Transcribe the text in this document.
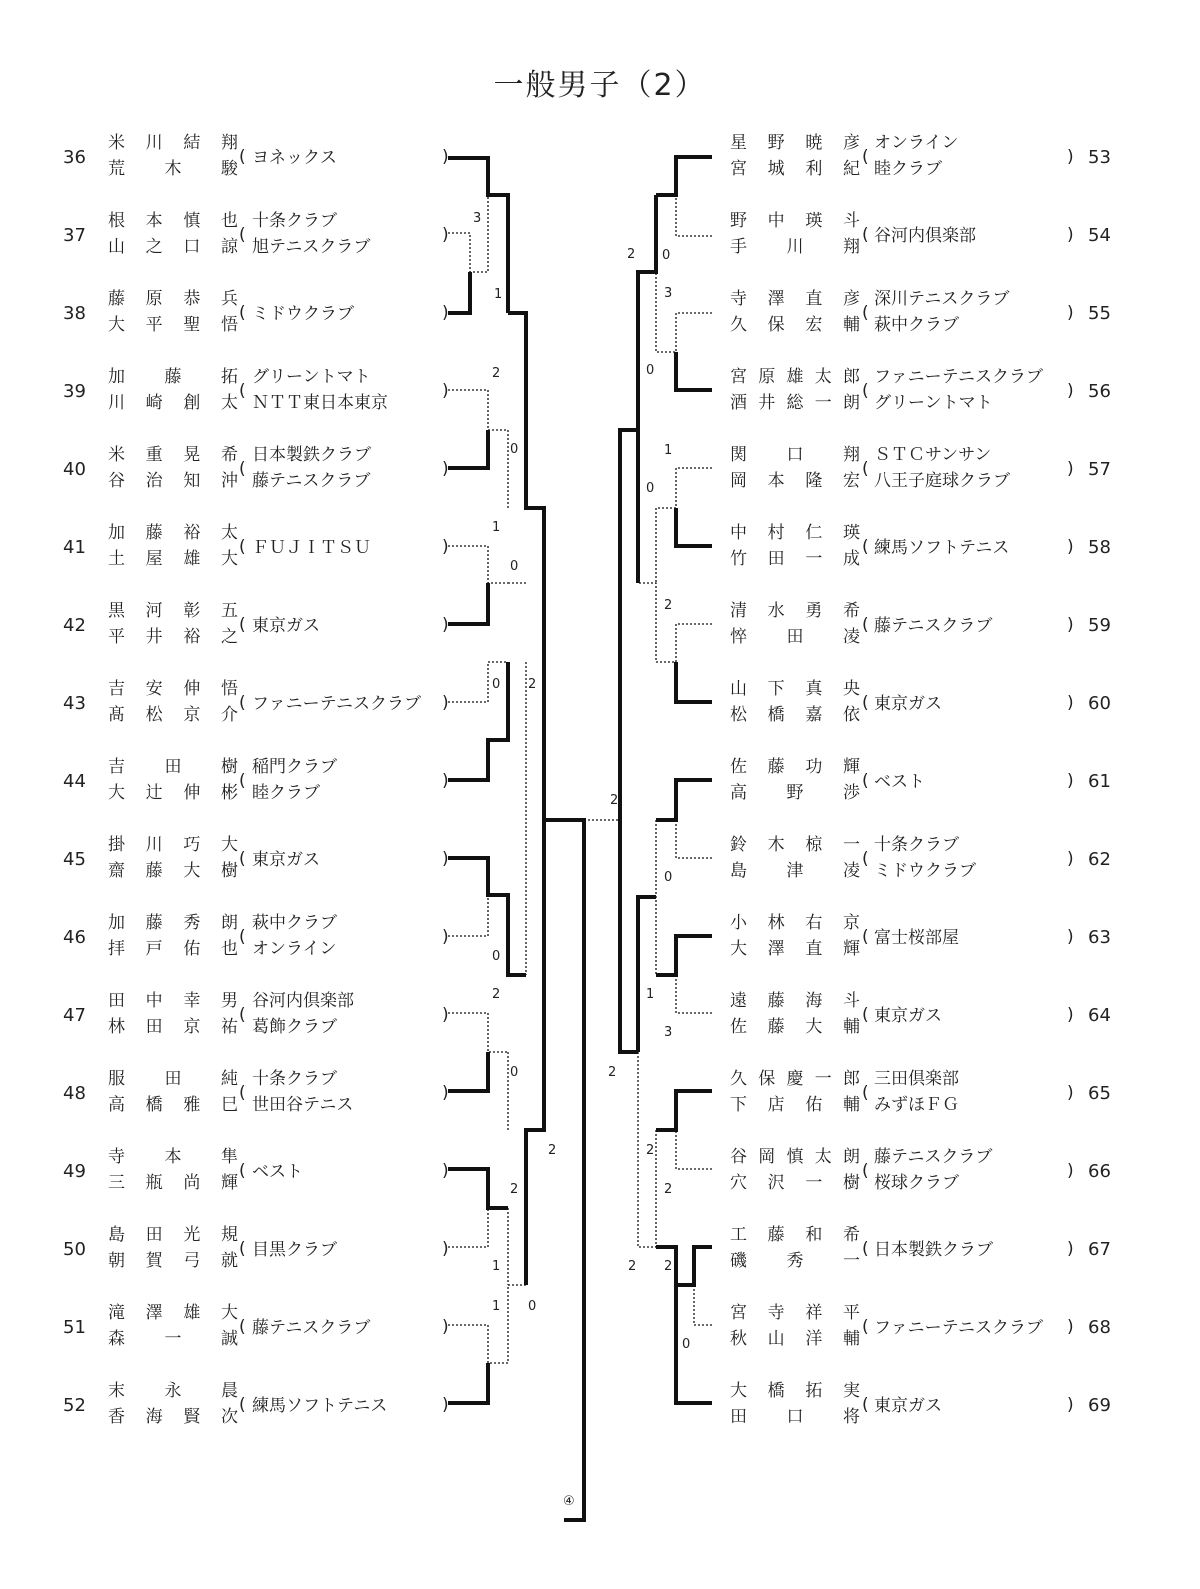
一般男子（2）
36
米 川 結 翔
荒 木 駿
( ヨネックス	)
37
根 本 慎 也
山 之 口 諒
(
十条クラブ
旭テニスクラブ
)
38
藤 原 恭 兵
大 平 聖 悟
( ミドウクラブ	)
39
加 藤 拓
川 崎 創 太
(
グリーントマト
ＮＴＴ東日本東京
)
40
米 重 晃 希
谷 治 知 沖
(
日本製鉄クラブ
藤テニスクラブ
)
41
加 藤 裕 太
土 屋 雄 大
( ＦＵＪＩＴＳＵ	)
42
黒 河 彰 五
平 井 裕 之
( 東京ガス	)
43
吉 安 伸 悟
髙 松 京 介
( ファニーテニスクラブ	)
44
吉 田 樹
大 辻 伸 彬
(
稲門クラブ
睦クラブ
)
45
掛 川 巧 大
齋 藤 大 樹
( 東京ガス	)
46
加 藤 秀 朗
拝 戸 佑 也
(
萩中クラブ
オンライン
)
47
田 中 幸 男
林 田 京 祐
(
谷河内倶楽部
葛飾クラブ
)
48
服 田 純
高 橋 雅 巳
(
十条クラブ
世田谷テニス
)
49
寺 本 隼
三 瓶 尚 輝
( ベスト	)
50
島 田 光 規
朝 賀 弓 就
( 目黒クラブ	)
51
滝 澤 雄 大
森 一 誠
( 藤テニスクラブ	)
52
末 永 晨
香 海 賢 次
( 練馬ソフトテニス	)
53
星 野 暁 彦
宮 城 利 紀
(
オンライン
睦クラブ
)
54
野 中 瑛 斗
手 川 翔
( 谷河内倶楽部	)
55
寺 澤 直 彦
久 保 宏 輔
(
深川テニスクラブ
萩中クラブ
)
56
宮 原 雄 太 郎
酒 井 総 一 朗
(
ファニーテニスクラブ
グリーントマト
)
57
関 口 翔
岡 本 隆 宏
(
ＳＴＣサンサン
八王子庭球クラブ
)
58
中 村 仁 瑛
竹 田 一 成
( 練馬ソフトテニス	)
59
清 水 勇 希
悴 田 凌
( 藤テニスクラブ	)
60
山 下 真 央
松 橋 嘉 依
( 東京ガス	)
61
佐 藤 功 輝
高 野 渉
( ベスト	)
62
鈴 木 椋 一
島 津 凌
(
十条クラブ
ミドウクラブ
)
63
小 林 右 京
大 澤 直 輝
( 富士桜部屋	)
64
遠 藤 海 斗
佐 藤 大 輔
( 東京ガス	)
65
久 保 慶 一 郎
下 店 佑 輔
(
三田倶楽部
みずほＦＧ
)
66
谷 岡 慎 太 朗
穴 沢 一 樹
(
藤テニスクラブ
桜球クラブ
)
67
工 藤 和 希
磯 秀 一
( 日本製鉄クラブ	)
68
宮 寺 祥 平
秋 山 洋 輔
( ファニーテニスクラブ	)
69
大 橋 拓 実
田 口 将
( 東京ガス	)
3
1
2
0
1
0
0 2
2
0
2
0
2
2
1
1 0
2 0
3
0
1
0
2
2
0
1
3
2
2
2 2
0
④
